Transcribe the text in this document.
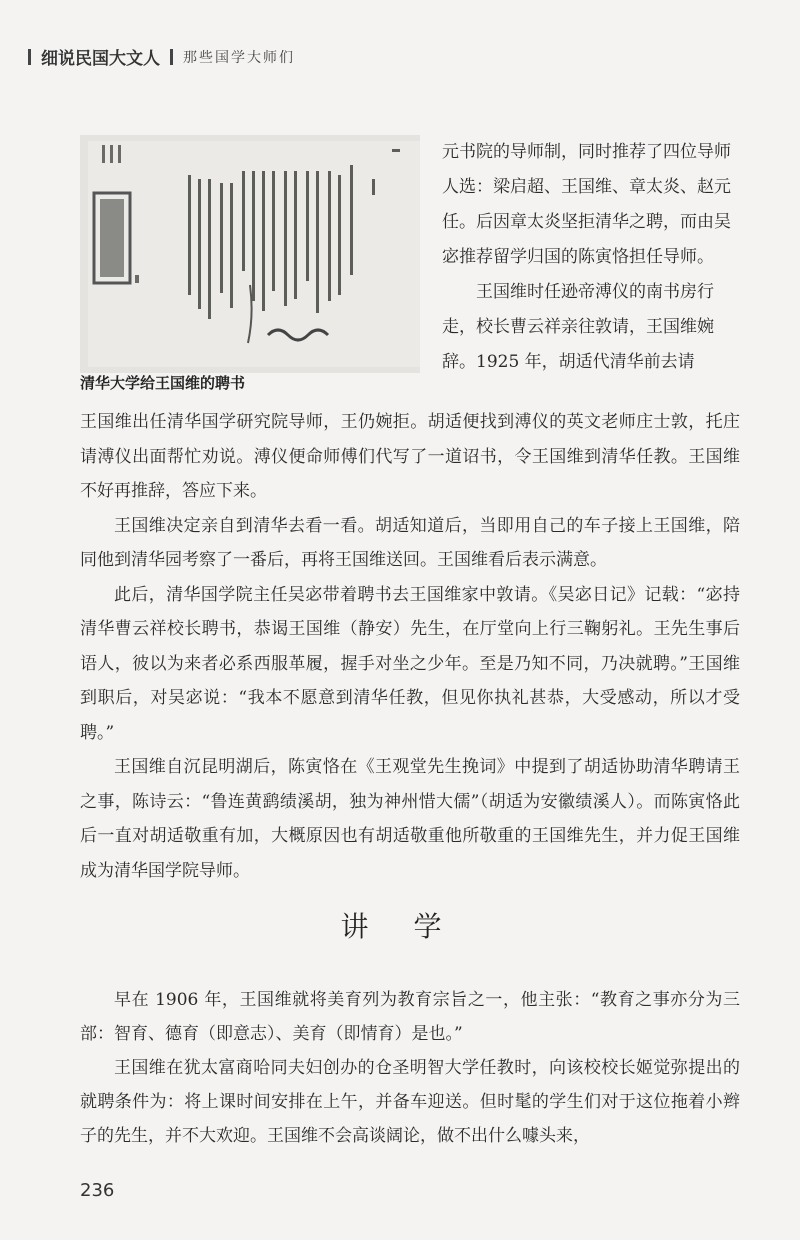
细说民国大文人 那些国学大师们
清华大学给王国维的聘书

元书院的导师制，同时推荐了四位导师人选：梁启超、王国维、章太炎、赵元任。后因章太炎坚拒清华之聘，而由吴宓推荐留学归国的陈寅恪担任导师。

王国维时任逊帝溥仪的南书房行走，校长曹云祥亲往敦请，王国维婉辞。1925 年，胡适代清华前去请

王国维出任清华国学研究院导师，王仍婉拒。胡适便找到溥仪的英文老师庄士敦，托庄请溥仪出面帮忙劝说。溥仪便命师傅们代写了一道诏书，令王国维到清华任教。王国维不好再推辞，答应下来。

王国维决定亲自到清华去看一看。胡适知道后，当即用自己的车子接上王国维，陪同他到清华园考察了一番后，再将王国维送回。王国维看后表示满意。

此后，清华国学院主任吴宓带着聘书去王国维家中敦请。《吴宓日记》记载：“宓持清华曹云祥校长聘书，恭谒王国维（静安）先生，在厅堂向上行三鞠躬礼。王先生事后语人，彼以为来者必系西服革履，握手对坐之少年。至是乃知不同，乃决就聘。”王国维到职后，对吴宓说：“我本不愿意到清华任教，但见你执礼甚恭，大受感动，所以才受聘。”

王国维自沉昆明湖后，陈寅恪在《王观堂先生挽词》中提到了胡适协助清华聘请王之事，陈诗云：“鲁连黄鹞绩溪胡，独为神州惜大儒”（胡适为安徽绩溪人）。而陈寅恪此后一直对胡适敬重有加，大概原因也有胡适敬重他所敬重的王国维先生，并力促王国维成为清华国学院导师。

讲 学

早在 1906 年，王国维就将美育列为教育宗旨之一，他主张：“教育之事亦分为三部：智育、德育（即意志）、美育（即情育）是也。”

王国维在犹太富商哈同夫妇创办的仓圣明智大学任教时，向该校校长姬觉弥提出的就聘条件为：将上课时间安排在上午，并备车迎送。但时髦的学生们对于这位拖着小辫子的先生，并不大欢迎。王国维不会高谈阔论，做不出什么噱头来，

236
